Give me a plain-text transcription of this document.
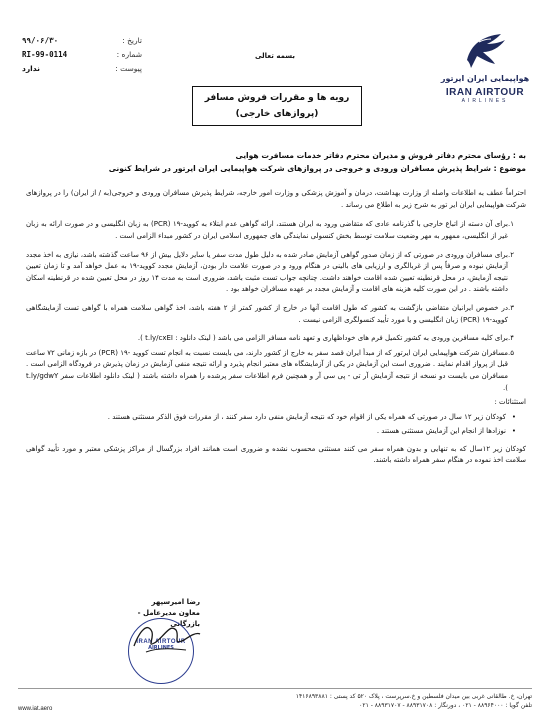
تاریخ :
۹۹/۰۶/۳۰
شماره :
RI-99-0114
پیوست :
ندارد
بسمه تعالی
هواپیمایی ایران ایرتور
IRAN AIRTOUR
AIRLINES
رویه ها و مقررات فروش مسافر
(پروازهای خارجی)
به : رؤسای محترم دفاتر فروش و مدیران محترم دفاتر خدمات مسافرت هوایی
موضوع : شرایط پذیرش مسافران ورودی و خروجی در پروازهای شرکت هواپیمایی ایران ایرتور در شرایط کنونی
احتراماً عطف به اطلاعات واصله از وزارت بهداشت، درمان و آموزش پزشکی و وزارت امور خارجه، شرایط پذیرش مسافران ورودی و خروجی(به / از ایران) را در پروازهای شرکت هواپیمایی ایران ایر تور به شرح زیر به اطلاع می رساند .
۱.
برای آن دسته از اتباع خارجی با گذرنامه عادی که متقاضی ورود به ایران هستند، ارائه گواهی عدم ابتلاء به کووید-۱۹ (PCR) به زبان انگلیسی و در صورت ارائه به زبان غیر از انگلیسی، ممهور به مهر وضعیت سلامت توسط بخش کنسولی نمایندگی های جمهوری اسلامی ایران در کشور مبداء الزامی است .
۲.
برای مسافران ورودی در صورتی که از زمان صدور گواهی آزمایش صادر شده به دلیل طول مدت سفر یا سایر دلایل بیش از ۹۶ ساعت گذشته باشد، نیازی به اخذ مجدد آزمایش نبوده و صرفاً پس از غربالگری و ارزیابی های بالینی در هنگام ورود و در صورت علامت دار بودن، آزمایش مجدد کووید-۱۹ به عمل خواهد آمد و تا زمان تعیین نتیجه آزمایش، در محل قرنطینه تعیین شده اقامت خواهند داشت. چنانچه جواب تست مثبت باشد، ضروری است به مدت ۱۴ روز در محل تعیین شده در قرنطینه اسکان داشته باشند . در این صورت کلیه هزینه های اقامت و آزمایش مجدد بر عهده مسافران خواهد بود .
۳.
در خصوص ایرانیان متقاضی بازگشت به کشور که طول اقامت آنها در خارج از کشور کمتر از ۲ هفته باشد، اخذ گواهی سلامت همراه با گواهی تست آزمایشگاهی کووید-۱۹ (PCR) زبان انگلیسی و یا مورد تأیید کنسولگری الزامی نیست .
۴.
برای کلیه مسافرین ورودی به کشور تکمیل فرم های خوداظهاری و تعهد نامه مسافر الزامی می باشد ( لینک دانلود : t.ly/cxEI ).
۵.
مسافران شرکت هواپیمایی ایران ایرتور که از مبدأ ایران قصد سفر به خارج از کشور دارند، می بایست نسبت به انجام تست کووید -۱۹ (PCR) در بازه زمانی ۷۲ ساعت قبل از پرواز اقدام نمایند . ضروری است این آزمایش در یکی از آزمایشگاه های معتبر انجام پذیرد و ارائه نتیجه منفی آزمایش در زمان پذیرش در فرودگاه الزامی است . مسافران می بایست دو نسخه از نتیجه آزمایش آر تی - پی سی آر و همچنین فرم اطلاعات سفر پرشده را همراه داشته باشند ( لینک دانلود اطلاعات سفر t.ly/gdwY ).
استثنائات :
•
کودکان زیر ۱۲ سال در صورتی که همراه یکی از اقوام خود که نتیجه آزمایش منفی دارد سفر کنند ، از مقررات فوق الذکر مستثنی هستند .
•
نوزادها از انجام این آزمایش مستثنی هستند .
کودکان زیر ۱۲سال که به تنهایی و بدون همراه سفر می کنند مستثنی محسوب نشده و ضروری است همانند افراد بزرگسال از مراکز پزشکی معتبر و مورد تأیید گواهی سلامت اخذ نموده در هنگام سفر همراه داشته باشند.
رضا امیرسپهر
معاون مدیرعامل - بازرگانی
IRAN AIRTOUR
AIRLINES
تهران، خ. طالقانی غربی بین میدان فلسطین و خ.سرپرست ، پلاک ۵۲۰ کد پستی : ۱۴۱۶۸۹۳۸۸۱
تلفن گویا : ۸۸۹۶۴۰۰۰ - ۰۲۱ ، دورنگار : ۸۸۹۳۱۷۰۸ - ۸۸۹۳۱۷۰۷ - ۰۲۱
www.iat.aero
